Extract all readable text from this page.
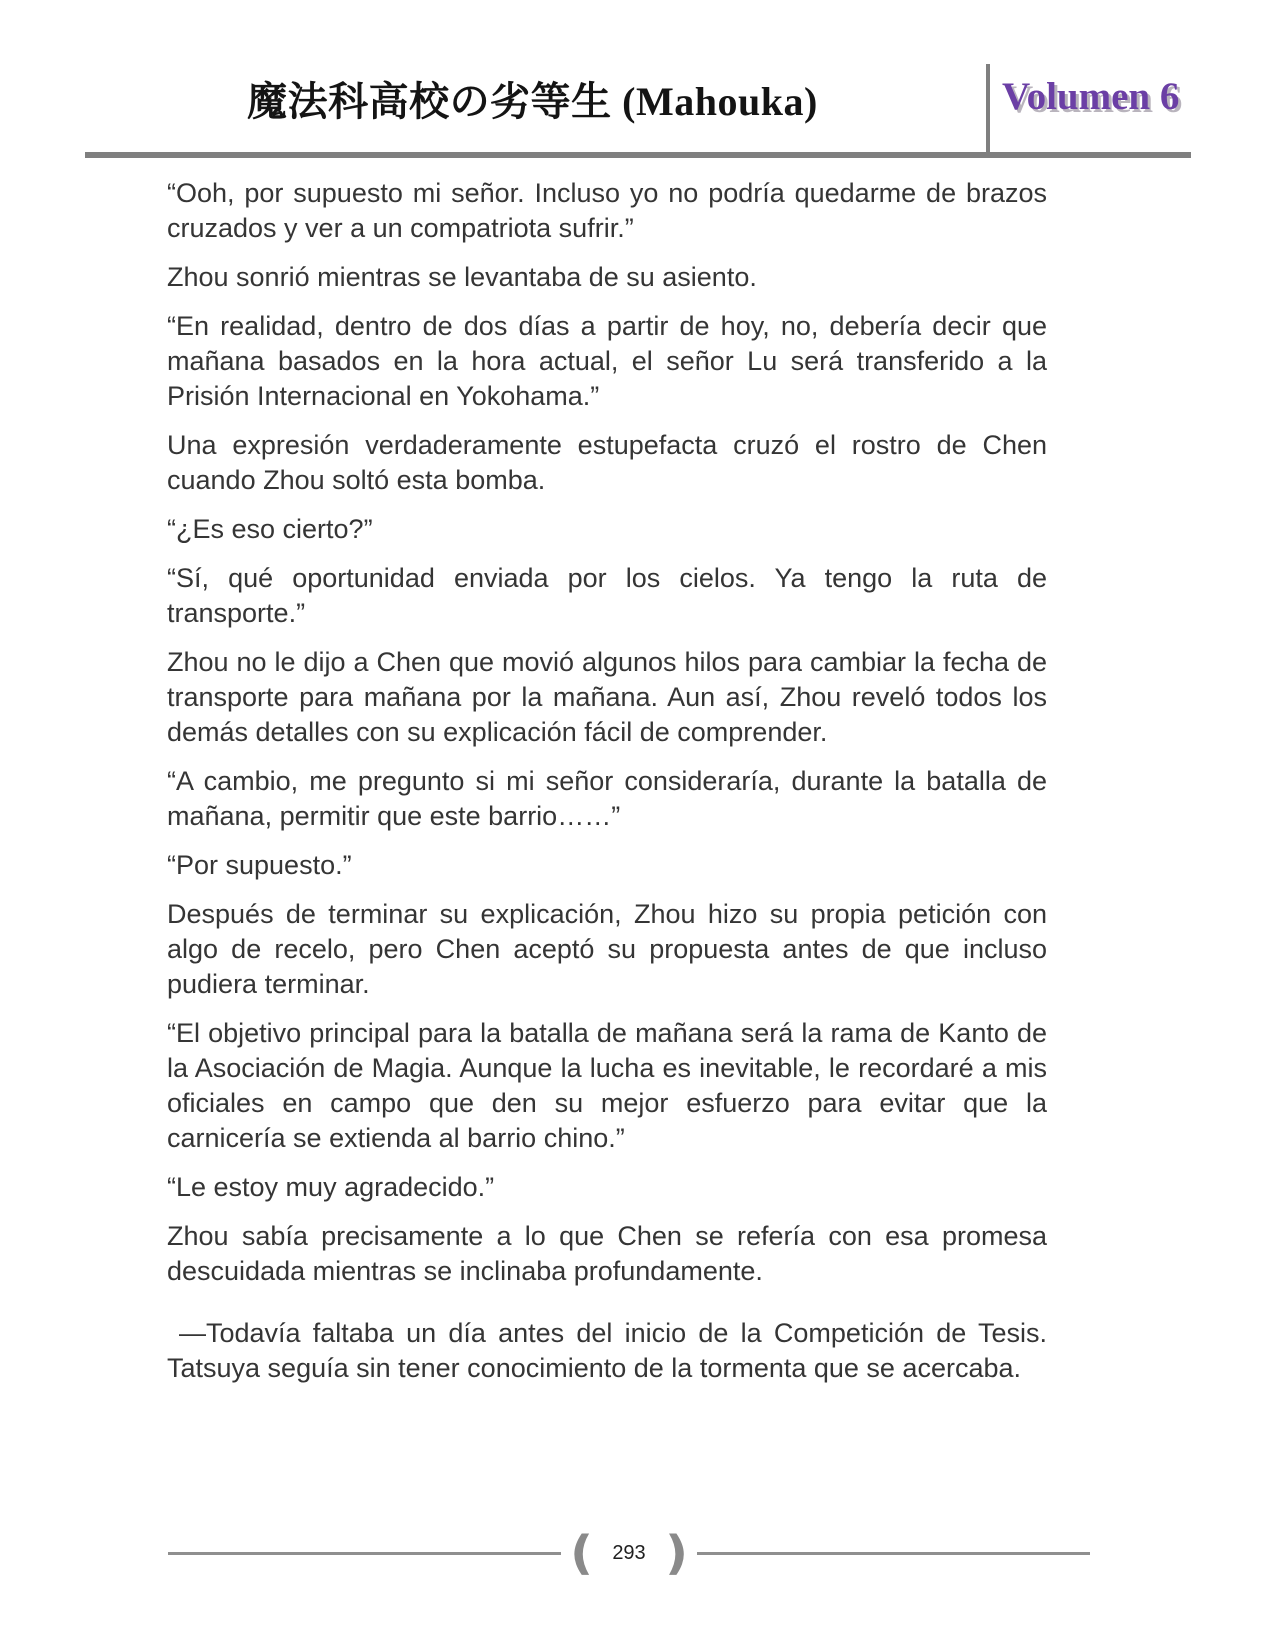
魔法科高校の劣等生 (Mahouka)	Volumen 6

“Ooh, por supuesto mi señor. Incluso yo no podría quedarme de brazos cruzados y ver a un compatriota sufrir.”

Zhou sonrió mientras se levantaba de su asiento.

“En realidad, dentro de dos días a partir de hoy, no, debería decir que mañana basados en la hora actual, el señor Lu será transferido a la Prisión Internacional en Yokohama.”

Una expresión verdaderamente estupefacta cruzó el rostro de Chen cuando Zhou soltó esta bomba.

“¿Es eso cierto?”

“Sí, qué oportunidad enviada por los cielos. Ya tengo la ruta de transporte.”

Zhou no le dijo a Chen que movió algunos hilos para cambiar la fecha de transporte para mañana por la mañana. Aun así, Zhou reveló todos los demás detalles con su explicación fácil de comprender.

“A cambio, me pregunto si mi señor consideraría, durante la batalla de mañana, permitir que este barrio……”

“Por supuesto.”

Después de terminar su explicación, Zhou hizo su propia petición con algo de recelo, pero Chen aceptó su propuesta antes de que incluso pudiera terminar.

“El objetivo principal para la batalla de mañana será la rama de Kanto de la Asociación de Magia. Aunque la lucha es inevitable, le recordaré a mis oficiales en campo que den su mejor esfuerzo para evitar que la carnicería se extienda al barrio chino.”

“Le estoy muy agradecido.”

Zhou sabía precisamente a lo que Chen se refería con esa promesa descuidada mientras se inclinaba profundamente.

—Todavía faltaba un día antes del inicio de la Competición de Tesis. Tatsuya seguía sin tener conocimiento de la tormenta que se acercaba.

( 293 )
